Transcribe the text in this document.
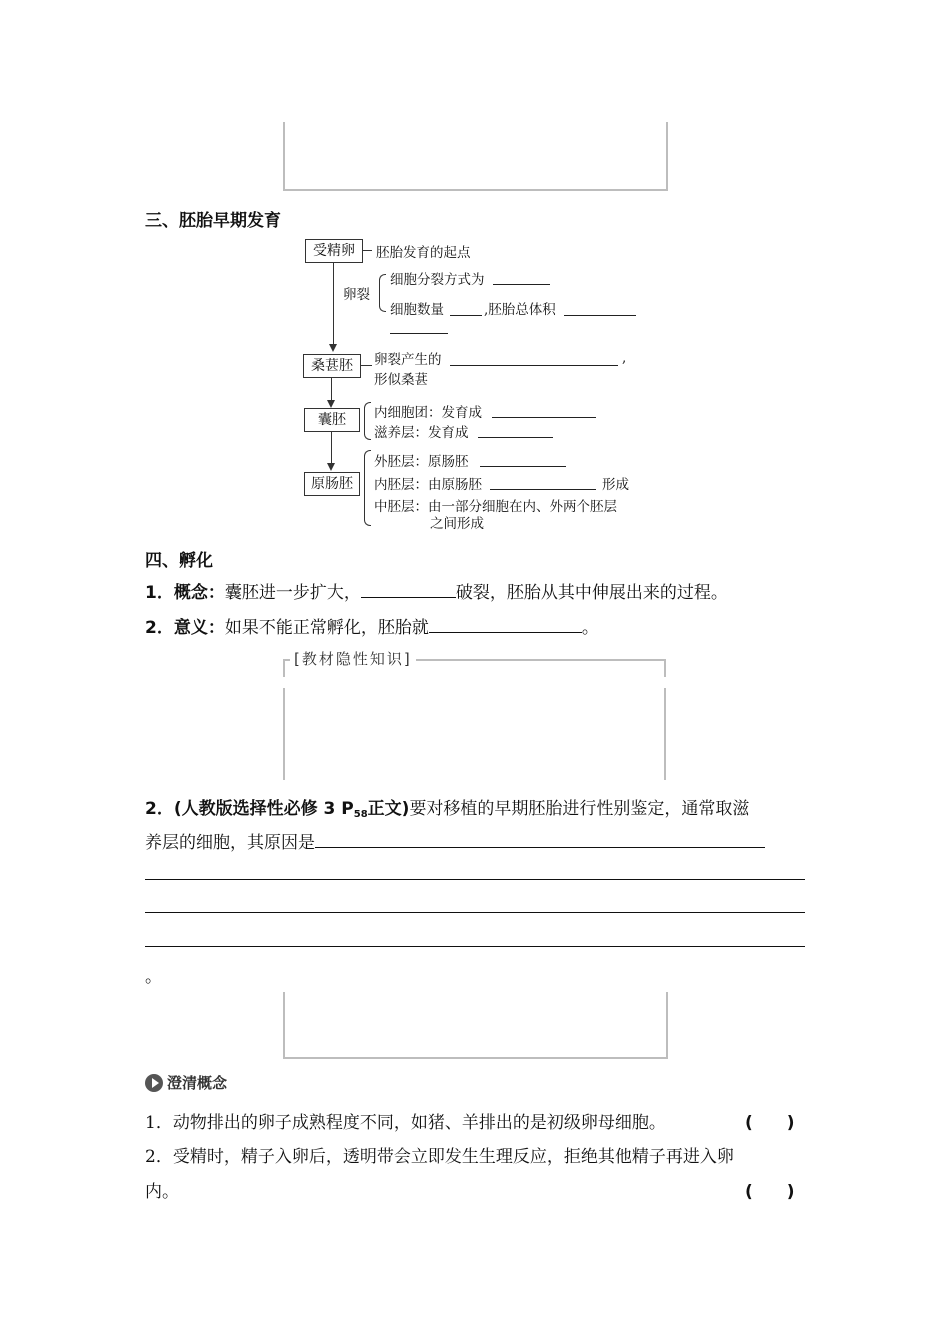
三、胚胎早期发育
受精卵	胚胎发育的起点
卵裂
细胞分裂方式为
细胞数量	,胚胎总体积
桑葚胚	卵裂产生的	,
形似桑葚
囊胚	内细胞团：发育成
滋养层：发育成
原肠胚
外胚层：原肠胚
内胚层：由原肠胚	形成
中胚层：由一部分细胞在内、外两个胚层
之间形成
四、孵化
1．概念：囊胚进一步扩大，	破裂，胚胎从其中伸展出来的过程。
2．意义：如果不能正常孵化，胚胎就	。
[教材隐性知识]
2．(人教版选择性必修 3 P58正文)要对移植的早期胚胎进行性别鉴定，通常取滋
养层的细胞，其原因是
。
澄清概念
1．动物排出的卵子成熟程度不同，如猪、羊排出的是初级卵母细胞。	(　　)
2．受精时，精子入卵后，透明带会立即发生生理反应，拒绝其他精子再进入卵
内。	(　　)
